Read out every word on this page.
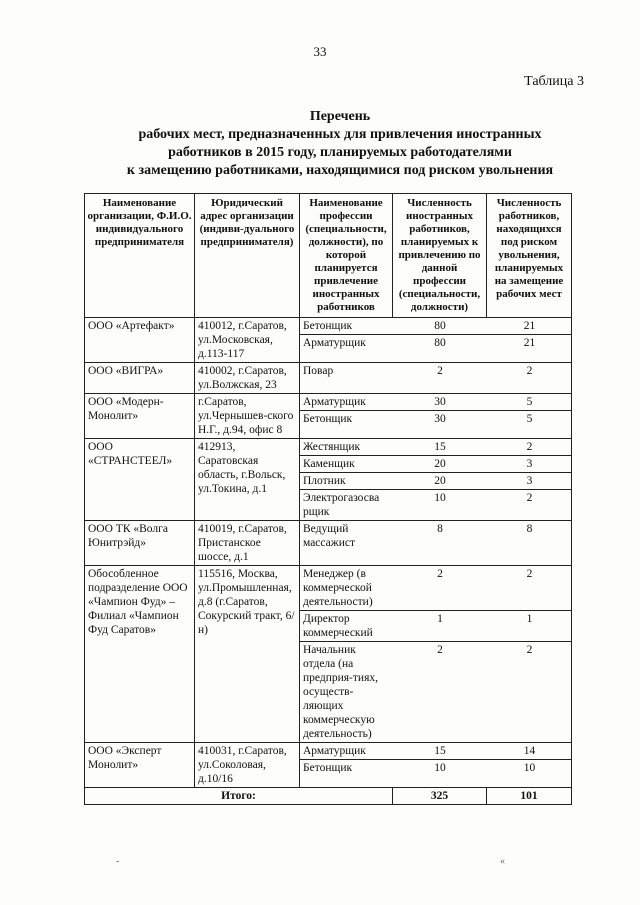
33
Таблица 3
Перечень
рабочих мест, предназначенных для привлечения иностранных
работников в 2015 году, планируемых работодателями
к замещению работниками, находящимися под риском увольнения
Наименование организации, Ф.И.О. индивидуального предпринимателя	Юридический адрес организации (индиви-дуального предпринимателя)	Наименование профессии (специальности, должности), по которой планируется привлечение иностранных работников	Численность иностранных работников, планируемых к привлечению по данной профессии (специальности, должности)	Численность работников, находящихся под риском увольнения, планируемых на замещение рабочих мест
ООО «Артефакт»	410012, г.Саратов, ул.Московская, д.113-117	
Бетонщик	80	21
Арматурщик	80	21

ООО «ВИГРА»	410002, г.Саратов, ул.Волжская, 23	
Повар	2	2

ООО «Модерн-Монолит»	г.Саратов, ул.Чернышев-ского Н.Г., д.94, офис 8	
Арматурщик	30	5
Бетонщик	30	5

ООО «СТРАНСТЕЕЛ»	412913, Саратовская область, г.Вольск, ул.Токина, д.1	
Жестянщик	15	2
Каменщик	20	3
Плотник	20	3
Электрогазосва рщик	10	2

ООО ТК «Волга Юнитрэйд»	410019, г.Саратов, Пристанское шоссе, д.1	
Ведущий массажист	8	8

Обособленное подразделение ООО «Чампион Фуд» – Филиал «Чампион Фуд Саратов»	115516, Москва, ул.Промышленная, д.8 (г.Саратов, Сокурский тракт, 6/н)	
Менеджер (в коммерческой деятельности)	2	2
Директор коммерческий	1	1
Начальник отдела (на предприя-тиях, осуществ-ляющих коммерческую деятельность)	2	2

ООО «Эксперт Монолит»	410031, г.Саратов, ул.Соколовая, д.10/16	
Арматурщик	15	14
Бетонщик	10	10

Итого:	325	101
-	«
